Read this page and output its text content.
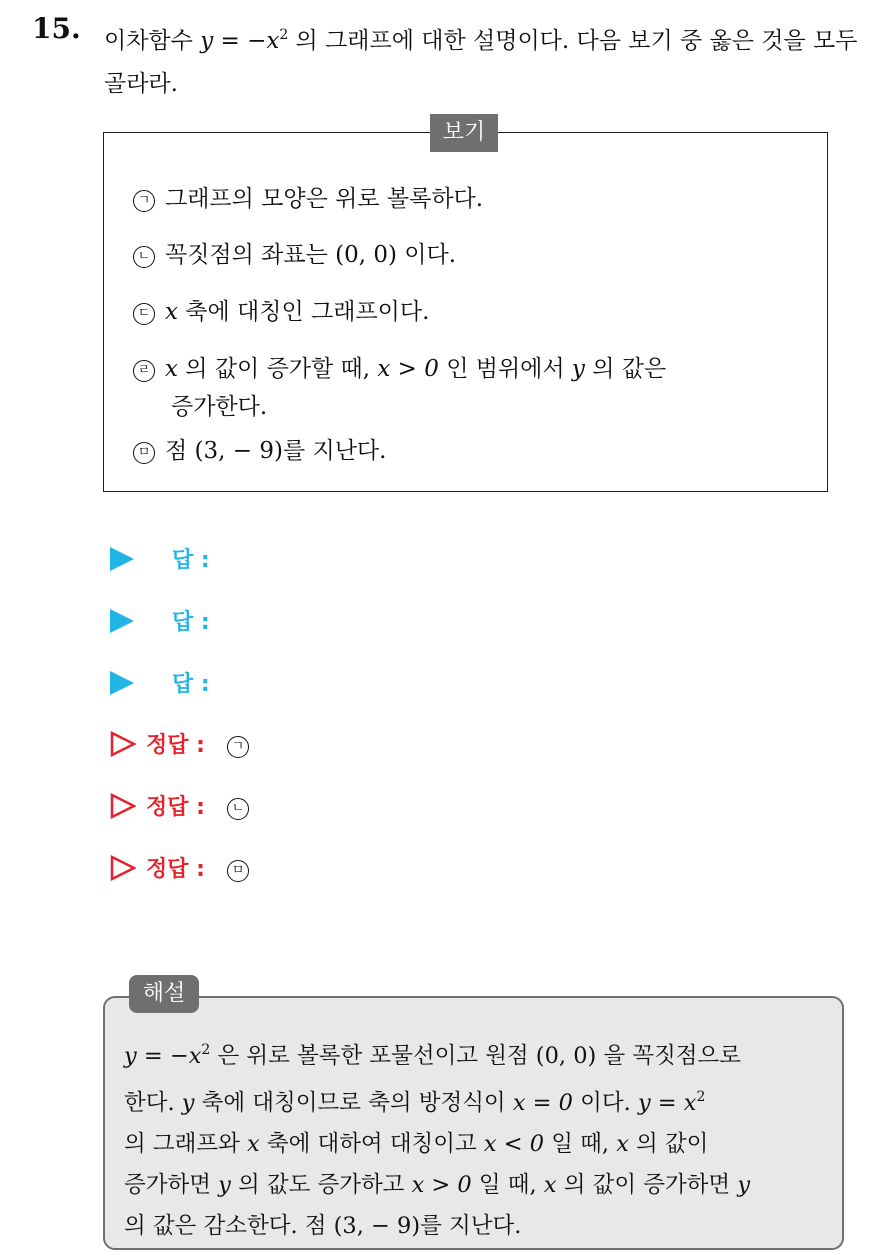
15. 이차함수 $y = -x^2$ 의 그래프에 대한 설명이다. 다음 보기 중 옳은 것을 모두 골라라.
보기
ㄱ 그래프의 모양은 위로 볼록하다.
ㄴ 꼭짓점의 좌표는 (0, 0) 이다.
ㄷ x 축에 대칭인 그래프이다.
ㄹ x 의 값이 증가할 때, x > 0 인 범위에서 y 의 값은
증가한다.
ㅁ 점 (3, − 9)를 지난다.
답 :
답 :
답 :
정답 : ㄱ
정답 : ㄴ
정답 : ㅁ
해설
$y = -x^2$ 은 위로 볼록한 포물선이고 원점 (0, 0) 을 꼭짓점으로
한다. y 축에 대칭이므로 축의 방정식이 x = 0 이다. $y = x^2$
의 그래프와 x 축에 대하여 대칭이고 x < 0 일 때, x 의 값이
증가하면 y 의 값도 증가하고 x > 0 일 때, x 의 값이 증가하면 y
의 값은 감소한다. 점 (3, − 9)를 지난다.
